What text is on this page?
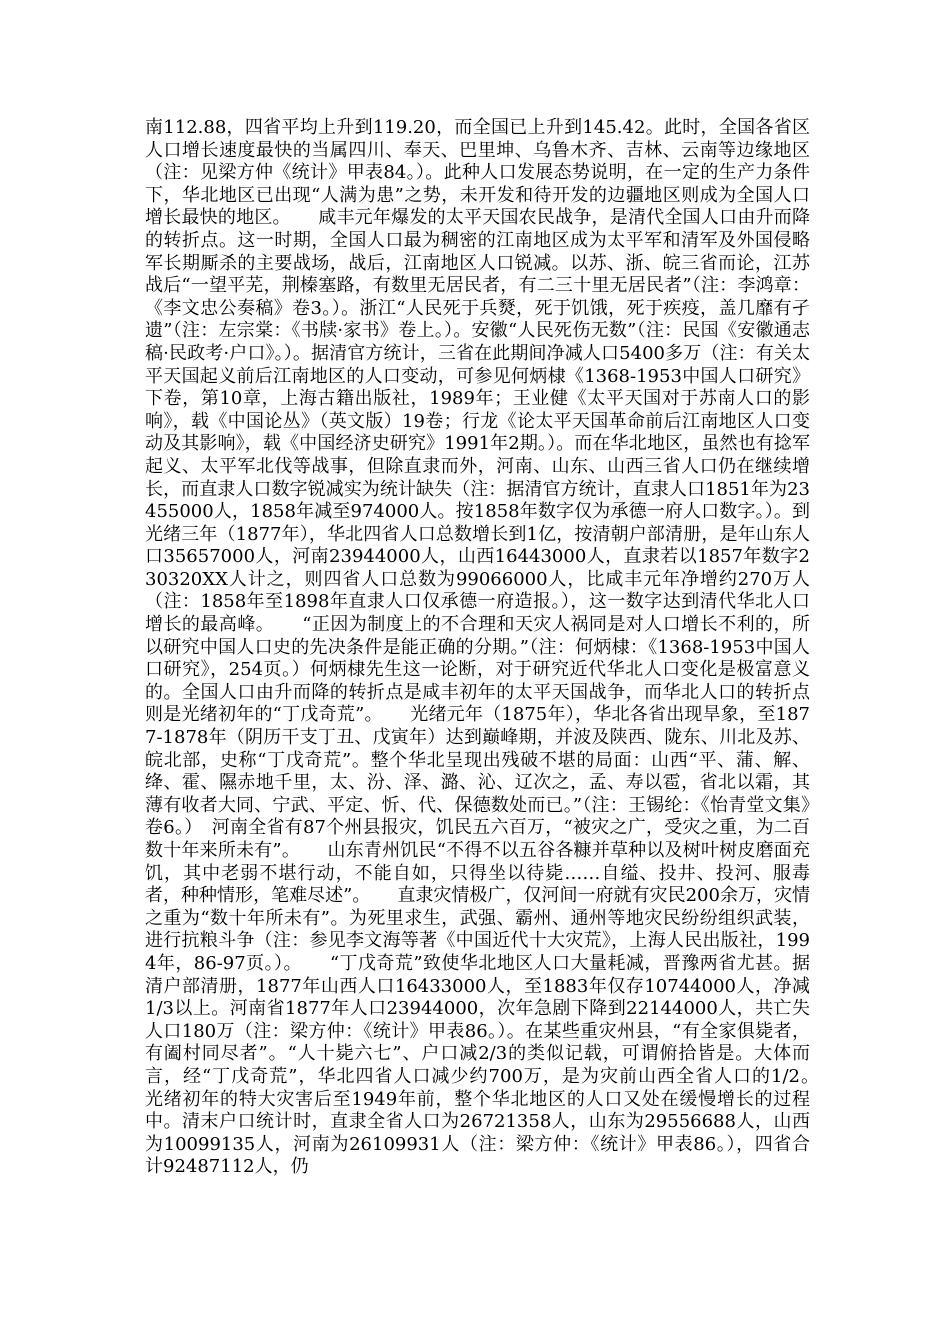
南112.88，四省平均上升到119.20，而全国已上升到145.42。此时，全国各省区人口增长速度最快的当属四川、奉天、巴里坤、乌鲁木齐、吉林、云南等边缘地区（注：见梁方仲《统计》甲表84。）。此种人口发展态势说明，在一定的生产力条件下，华北地区已出现“人满为患”之势，未开发和待开发的边疆地区则成为全国人口增长最快的地区。　　咸丰元年爆发的太平天国农民战争，是清代全国人口由升而降的转折点。这一时期，全国人口最为稠密的江南地区成为太平军和清军及外国侵略军长期厮杀的主要战场，战后，江南地区人口锐减。以苏、浙、皖三省而论，江苏战后“一望平芜，荆榛塞路，有数里无居民者，有二三十里无居民者”（注：李鸿章：《李文忠公奏稿》卷3。）。浙江“人民死于兵燹，死于饥饿，死于疾疫，盖几靡有孑遗”（注：左宗棠：《书牍·家书》卷上。）。安徽“人民死伤无数”（注：民国《安徽通志稿·民政考·户口》。）。据清官方统计，三省在此期间净减人口5400多万（注：有关太平天国起义前后江南地区的人口变动，可参见何炳棣《1368-1953中国人口研究》下卷，第10章，上海古籍出版社，1989年；王业健《太平天国对于苏南人口的影响》，载《中国论丛》（英文版）19卷；行龙《论太平天国革命前后江南地区人口变动及其影响》，载《中国经济史研究》1991年2期。）。而在华北地区，虽然也有捻军起义、太平军北伐等战事，但除直隶而外，河南、山东、山西三省人口仍在继续增长，而直隶人口数字锐减实为统计缺失（注：据清官方统计，直隶人口1851年为23455000人，1858年减至974000人。按1858年数字仅为承德一府人口数字。）。到光绪三年（1877年），华北四省人口总数增长到1亿，按清朝户部清册，是年山东人口35657000人，河南23944000人，山西16443000人，直隶若以1857年数字230320XX人计之，则四省人口总数为99066000人，比咸丰元年净增约270万人（注：1858年至1898年直隶人口仅承德一府造报。），这一数字达到清代华北人口增长的最高峰。　　“正因为制度上的不合理和天灾人祸同是对人口增长不利的，所以研究中国人口史的先决条件是能正确的分期。”（注：何炳棣：《1368-1953中国人口研究》，254页。）何炳棣先生这一论断，对于研究近代华北人口变化是极富意义的。全国人口由升而降的转折点是咸丰初年的太平天国战争，而华北人口的转折点则是光绪初年的“丁戊奇荒”。　　光绪元年（1875年），华北各省出现旱象，至1877-1878年（阴历干支丁丑、戊寅年）达到巅峰期，并波及陕西、陇东、川北及苏、皖北部，史称“丁戊奇荒”。整个华北呈现出残破不堪的局面：山西“平、蒲、解、绛、霍、隰赤地千里，太、汾、泽、潞、沁、辽次之，孟、寿以雹，省北以霜，其薄有收者大同、宁武、平定、忻、代、保德数处而已。”（注：王锡纶：《怡青堂文集》卷6。）　河南全省有87个州县报灾，饥民五六百万，“被灾之广，受灾之重，为二百数十年来所未有”。　　山东青州饥民“不得不以五谷各糠并草种以及树叶树皮磨面充饥，其中老弱不堪行动，不能自如，只得坐以待毙……自缢、投井、投河、服毒者，种种情形，笔难尽述”。　　直隶灾情极广，仅河间一府就有灾民200余万，灾情之重为“数十年所未有”。为死里求生，武强、霸州、通州等地灾民纷纷组织武装，进行抗粮斗争（注：参见李文海等著《中国近代十大灾荒》，上海人民出版社，1994年，86-97页。）。　　“丁戊奇荒”致使华北地区人口大量耗减，晋豫两省尤甚。据清户部清册，1877年山西人口16433000人，至1883年仅存10744000人，净减1/3以上。河南省1877年人口23944000，次年急剧下降到22144000人，共亡失人口180万（注：梁方仲：《统计》甲表86。）。在某些重灾州县，“有全家俱毙者，有阖村同尽者”。“人十毙六七”、户口减2/3的类似记载，可谓俯拾皆是。大体而言，经“丁戊奇荒”，华北四省人口减少约700万，是为灾前山西全省人口的1/2。　　光绪初年的特大灾害后至1949年前，整个华北地区的人口又处在缓慢增长的过程中。清末户口统计时，直隶全省人口为26721358人，山东为29556688人，山西为10099135人，河南为26109931人（注：梁方仲：《统计》甲表86。），四省合计92487112人，仍
